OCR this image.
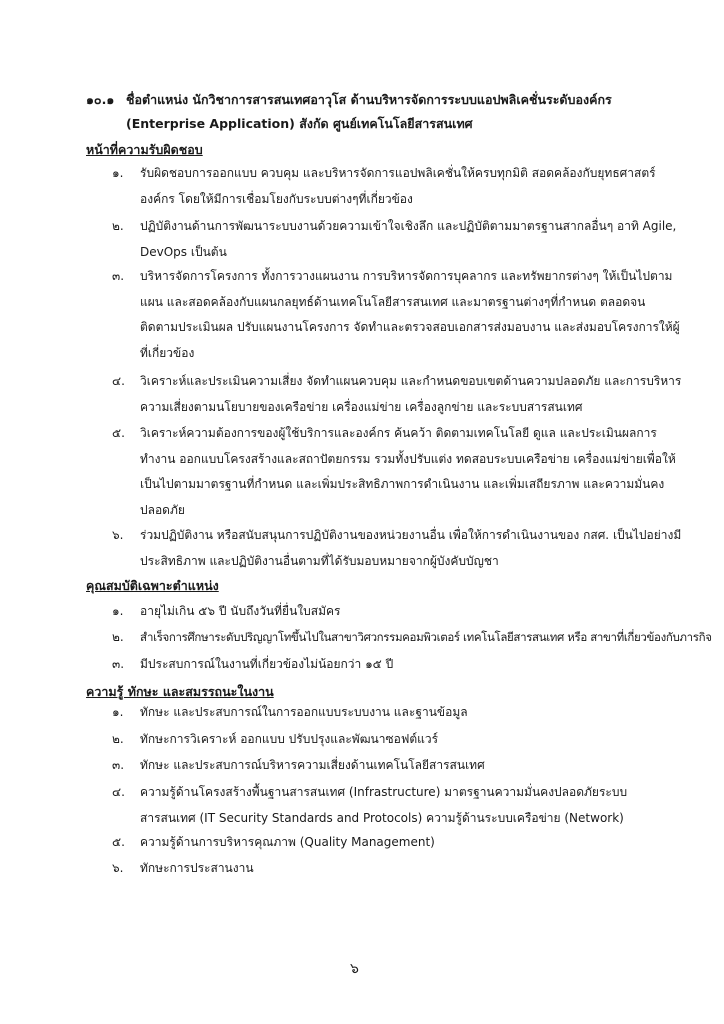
๑๐.๑ ชื่อตำแหน่ง นักวิชาการสารสนเทศอาวุโส ด้านบริหารจัดการระบบแอปพลิเคชั่นระดับองค์กร
(Enterprise Application) สังกัด ศูนย์เทคโนโลยีสารสนเทศ
หน้าที่ความรับผิดชอบ
๑.	รับผิดชอบการออกแบบ ควบคุม และบริหารจัดการแอปพลิเคชั่นให้ครบทุกมิติ สอดคล้องกับยุทธศาสตร์องค์กร โดยให้มีการเชื่อมโยงกับระบบต่างๆที่เกี่ยวข้อง
๒.	ปฏิบัติงานด้านการพัฒนาระบบงานด้วยความเข้าใจเชิงลึก และปฏิบัติตามมาตรฐานสากลอื่นๆ อาทิ Agile, DevOps เป็นต้น
๓.	บริหารจัดการโครงการ ทั้งการวางแผนงาน การบริหารจัดการบุคลากร และทรัพยากรต่างๆ ให้เป็นไปตามแผน และสอดคล้องกับแผนกลยุทธ์ด้านเทคโนโลยีสารสนเทศ และมาตรฐานต่างๆที่กำหนด ตลอดจนติดตามประเมินผล ปรับแผนงานโครงการ จัดทำและตรวจสอบเอกสารส่งมอบงาน และส่งมอบโครงการให้ผู้ที่เกี่ยวข้อง
๔.	วิเคราะห์และประเมินความเสี่ยง จัดทำแผนควบคุม และกำหนดขอบเขตด้านความปลอดภัย และการบริหารความเสี่ยงตามนโยบายของเครือข่าย เครื่องแม่ข่าย เครื่องลูกข่าย และระบบสารสนเทศ
๕.	วิเคราะห์ความต้องการของผู้ใช้บริการและองค์กร ค้นคว้า ติดตามเทคโนโลยี ดูแล และประเมินผลการทำงาน ออกแบบโครงสร้างและสถาปัตยกรรม รวมทั้งปรับแต่ง ทดสอบระบบเครือข่าย เครื่องแม่ข่ายเพื่อให้เป็นไปตามมาตรฐานที่กำหนด และเพิ่มประสิทธิภาพการดำเนินงาน และเพิ่มเสถียรภาพ และความมั่นคงปลอดภัย
๖.	ร่วมปฏิบัติงาน หรือสนับสนุนการปฏิบัติงานของหน่วยงานอื่น เพื่อให้การดำเนินงานของ กสศ. เป็นไปอย่างมีประสิทธิภาพ และปฏิบัติงานอื่นตามที่ได้รับมอบหมายจากผู้บังคับบัญชา
คุณสมบัติเฉพาะตำแหน่ง
๑.	อายุไม่เกิน ๕๖ ปี นับถึงวันที่ยื่นใบสมัคร
๒.	สำเร็จการศึกษาระดับปริญญาโทขึ้นไปในสาขาวิศวกรรมคอมพิวเตอร์ เทคโนโลยีสารสนเทศ หรือ สาขาที่เกี่ยวข้องกับภารกิจ
๓.	มีประสบการณ์ในงานที่เกี่ยวข้องไม่น้อยกว่า ๑๕ ปี
ความรู้ ทักษะ และสมรรถนะในงาน
๑.	ทักษะ และประสบการณ์ในการออกแบบระบบงาน และฐานข้อมูล
๒.	ทักษะการวิเคราะห์ ออกแบบ ปรับปรุงและพัฒนาซอฟต์แวร์
๓.	ทักษะ และประสบการณ์บริหารความเสี่ยงด้านเทคโนโลยีสารสนเทศ
๔.	ความรู้ด้านโครงสร้างพื้นฐานสารสนเทศ (Infrastructure) มาตรฐานความมั่นคงปลอดภัยระบบสารสนเทศ (IT Security Standards and Protocols) ความรู้ด้านระบบเครือข่าย (Network)
๕.	ความรู้ด้านการบริหารคุณภาพ (Quality Management)
๖.	ทักษะการประสานงาน
๖
